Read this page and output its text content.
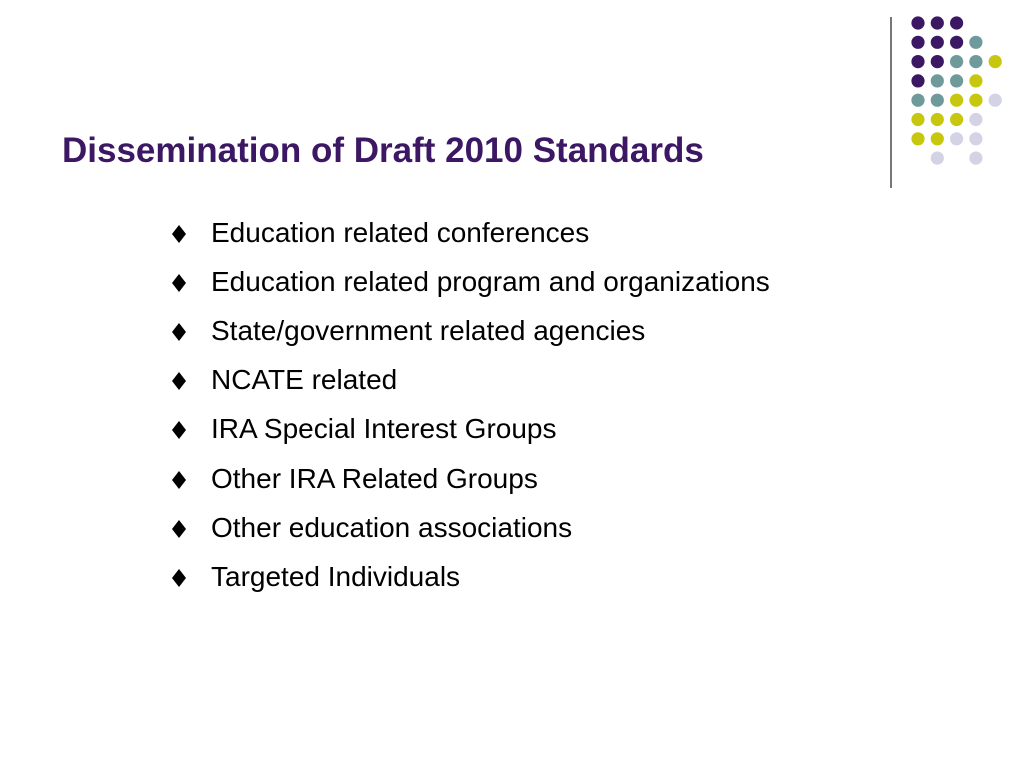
Dissemination of Draft 2010 Standards
Education related conferences
Education related program and organizations
State/government related agencies
NCATE related
IRA Special Interest Groups
Other IRA Related Groups
Other education associations
Targeted Individuals
